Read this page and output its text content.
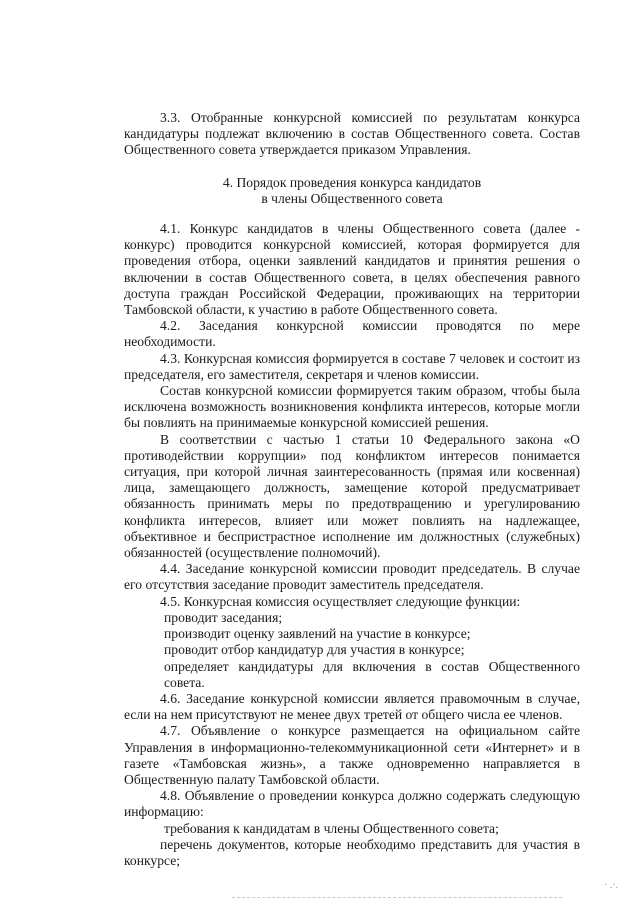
3.3. Отобранные конкурсной комиссией по результатам конкурса кандидатуры подлежат включению в состав Общественного совета. Состав Общественного совета утверждается приказом Управления.

4. Порядок проведения конкурса кандидатов
в члены Общественного совета

4.1. Конкурс кандидатов в члены Общественного совета (далее - конкурс) проводится конкурсной комиссией, которая формируется для проведения отбора, оценки заявлений кандидатов и принятия решения о включении в состав Общественного совета, в целях обеспечения равного доступа граждан Российской Федерации, проживающих на территории Тамбовской области, к участию в работе Общественного совета.

4.2. Заседания конкурсной комиссии проводятся по мере необходимости.

4.3. Конкурсная комиссия формируется в составе 7 человек и состоит из председателя, его заместителя, секретаря и членов комиссии.

Состав конкурсной комиссии формируется таким образом, чтобы была исключена возможность возникновения конфликта интересов, которые могли бы повлиять на принимаемые конкурсной комиссией решения.

В соответствии с частью 1 статьи 10 Федерального закона «О противодействии коррупции» под конфликтом интересов понимается ситуация, при которой личная заинтересованность (прямая или косвенная) лица, замещающего должность, замещение которой предусматривает обязанность принимать меры по предотвращению и урегулированию конфликта интересов, влияет или может повлиять на надлежащее, объективное и беспристрастное исполнение им должностных (служебных) обязанностей (осуществление полномочий).

4.4. Заседание конкурсной комиссии проводит председатель. В случае его отсутствия заседание проводит заместитель председателя.

4.5. Конкурсная комиссия осуществляет следующие функции:

проводит заседания;

производит оценку заявлений на участие в конкурсе;

проводит отбор кандидатур для участия в конкурсе;

определяет кандидатуры для включения в состав Общественного совета.

4.6. Заседание конкурсной комиссии является правомочным в случае, если на нем присутствуют не менее двух третей от общего числа ее членов.

4.7. Объявление о конкурсе размещается на официальном сайте Управления в информационно-телекоммуникационной сети «Интернет» и в газете «Тамбовская жизнь», а также одновременно направляется в Общественную палату Тамбовской области.

4.8. Объявление о проведении конкурса должно содержать следующую информацию:

требования к кандидатам в члены Общественного совета;

перечень документов, которые необходимо представить для участия в конкурсе;

· .·.
